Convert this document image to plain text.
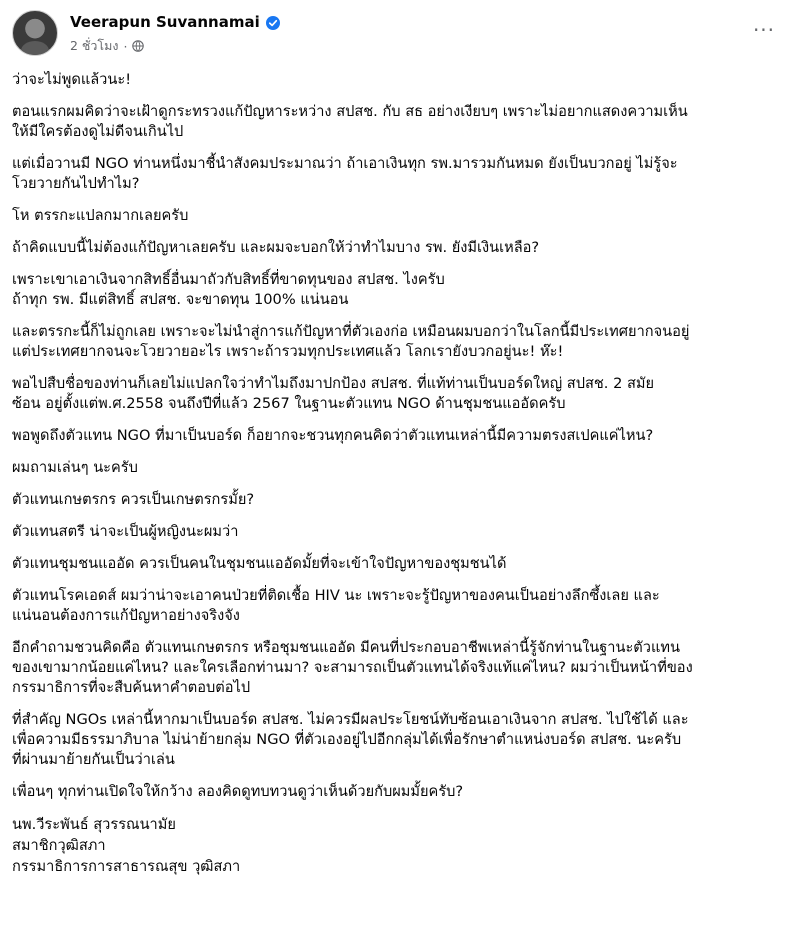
Veerapun Suvannamai
2 ชั่วโมง ·
···
ว่าจะไม่พูดแล้วนะ!
ตอนแรกผมคิดว่าจะเฝ้าดูกระทรวงแก้ปัญหาระหว่าง สปสช. กับ สธ อย่างเงียบๆ เพราะไม่อยากแสดงความเห็น
ให้มีใครต้องดูไม่ดีจนเกินไป
แต่เมื่อวานมี NGO ท่านหนึ่งมาชี้นำสังคมประมาณว่า ถ้าเอาเงินทุก รพ.มารวมกันหมด ยังเป็นบวกอยู่ ไม่รู้จะ
โวยวายกันไปทำไม?
โห ตรรกะแปลกมากเลยครับ
ถ้าคิดแบบนี้ไม่ต้องแก้ปัญหาเลยครับ และผมจะบอกให้ว่าทำไมบาง รพ. ยังมีเงินเหลือ?
เพราะเขาเอาเงินจากสิทธิ์อื่นมาถัวกับสิทธิ์ที่ขาดทุนของ สปสช. ไงครับ
ถ้าทุก รพ. มีแต่สิทธิ์ สปสช. จะขาดทุน 100% แน่นอน
และตรรกะนี้ก็ไม่ถูกเลย เพราะจะไม่นำสู่การแก้ปัญหาที่ตัวเองก่อ เหมือนผมบอกว่าในโลกนี้มีประเทศยากจนอยู่
แต่ประเทศยากจนจะโวยวายอะไร เพราะถ้ารวมทุกประเทศแล้ว โลกเรายังบวกอยู่นะ! ห๊ะ!
พอไปสืบชื่อของท่านก็เลยไม่แปลกใจว่าทำไมถึงมาปกป้อง สปสช. ที่แท้ท่านเป็นบอร์ดใหญ่ สปสช. 2 สมัย
ซ้อน อยู่ตั้งแต่พ.ศ.2558 จนถึงปีที่แล้ว 2567 ในฐานะตัวแทน NGO ด้านชุมชนแออัดครับ
พอพูดถึงตัวแทน NGO ที่มาเป็นบอร์ด ก็อยากจะชวนทุกคนคิดว่าตัวแทนเหล่านี้มีความตรงสเปคแค่ไหน?
ผมถามเล่นๆ นะครับ
ตัวแทนเกษตรกร ควรเป็นเกษตรกรมั้ย?
ตัวแทนสตรี น่าจะเป็นผู้หญิงนะผมว่า
ตัวแทนชุมชนแออัด ควรเป็นคนในชุมชนแออัดมั้ยที่จะเข้าใจปัญหาของชุมชนได้
ตัวแทนโรคเอดส์ ผมว่าน่าจะเอาคนป่วยที่ติดเชื้อ HIV นะ เพราะจะรู้ปัญหาของคนเป็นอย่างลึกซึ้งเลย และ
แน่นอนต้องการแก้ปัญหาอย่างจริงจัง
อีกคำถามชวนคิดคือ ตัวแทนเกษตรกร หรือชุมชนแออัด มีคนที่ประกอบอาชีพเหล่านี้รู้จักท่านในฐานะตัวแทน
ของเขามากน้อยแค่ไหน? และใครเลือกท่านมา? จะสามารถเป็นตัวแทนได้จริงแท้แค่ไหน? ผมว่าเป็นหน้าที่ของ
กรรมาธิการที่จะสืบค้นหาคำตอบต่อไป
ที่สำคัญ NGOs เหล่านี้หากมาเป็นบอร์ด สปสช. ไม่ควรมีผลประโยชน์ทับซ้อนเอาเงินจาก สปสช. ไปใช้ได้ และ
เพื่อความมีธรรมาภิบาล ไม่น่าย้ายกลุ่ม NGO ที่ตัวเองอยู่ไปอีกกลุ่มได้เพื่อรักษาตำแหน่งบอร์ด สปสช. นะครับ
ที่ผ่านมาย้ายกันเป็นว่าเล่น
เพื่อนๆ ทุกท่านเปิดใจให้กว้าง ลองคิดดูทบทวนดูว่าเห็นด้วยกับผมมั้ยครับ?
นพ.วีระพันธ์ สุวรรณนามัย
สมาชิกวุฒิสภา
กรรมาธิการการสาธารณสุข วุฒิสภา
